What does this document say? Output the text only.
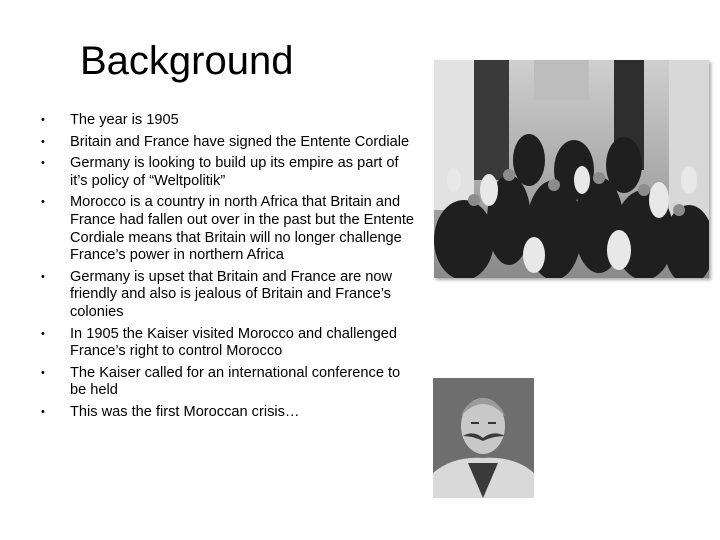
Background
• The year is 1905
• Britain and France have signed the Entente Cordiale
• Germany is looking to build up its empire as part of it’s policy of “Weltpolitik”
• Morocco is a country in north Africa that Britain and France had fallen out over in the past but the Entente Cordiale means that Britain will no longer challenge France’s power in northern Africa
• Germany is upset that Britain and France are now friendly and also is jealous of Britain and France’s colonies
• In 1905 the Kaiser visited Morocco and challenged France’s right to control Morocco
• The Kaiser called for an international conference to be held
• This was the first Moroccan crisis…
